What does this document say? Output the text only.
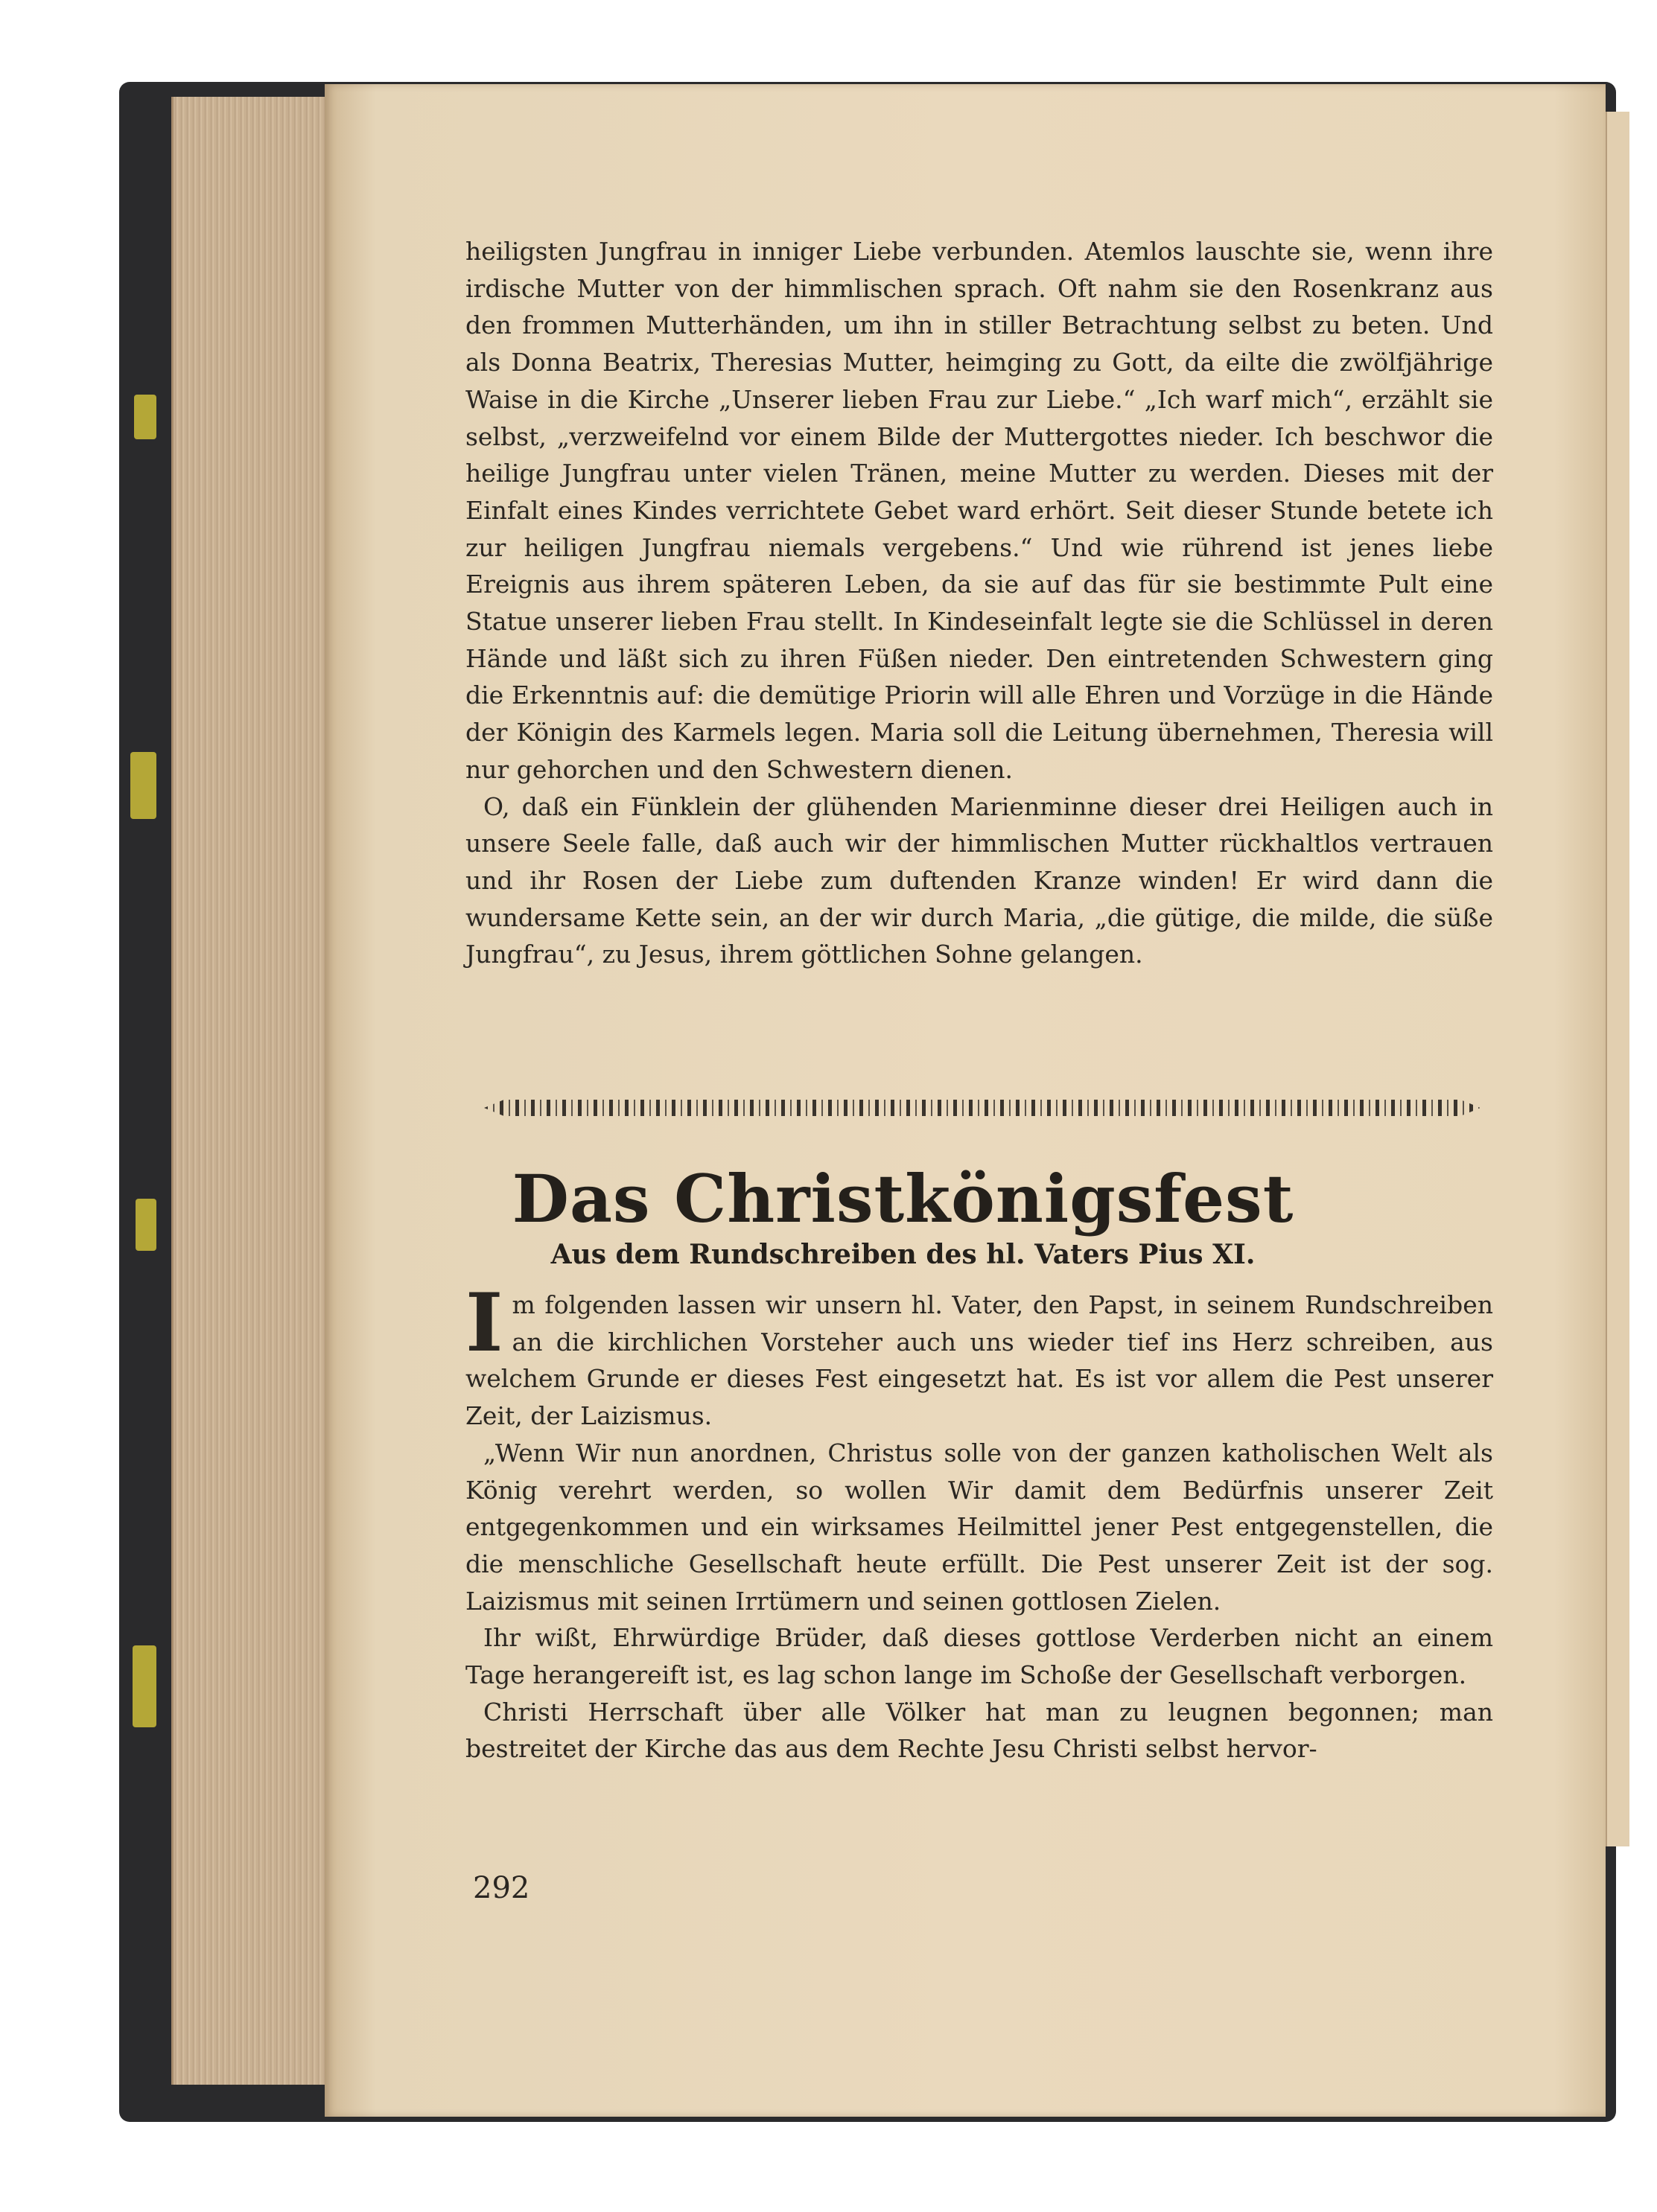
heiligsten Jungfrau in inniger Liebe verbunden. Atemlos lauschte sie, wenn ihre irdische Mutter von der himmlischen sprach. Oft nahm sie den Rosenkranz aus den frommen Mutterhänden, um ihn in stiller Betrachtung selbst zu beten. Und als Donna Beatrix, Theresias Mutter, heimging zu Gott, da eilte die zwölfjährige Waise in die Kirche „Unserer lieben Frau zur Liebe.“ „Ich warf mich“, erzählt sie selbst, „verzweifelnd vor einem Bilde der Muttergottes nieder. Ich beschwor die heilige Jungfrau unter vielen Tränen, meine Mutter zu werden. Dieses mit der Einfalt eines Kindes verrichtete Gebet ward erhört. Seit dieser Stunde betete ich zur heiligen Jungfrau niemals vergebens.“ Und wie rührend ist jenes liebe Ereignis aus ihrem späteren Leben, da sie auf das für sie bestimmte Pult eine Statue unserer lieben Frau stellt. In Kindeseinfalt legte sie die Schlüssel in deren Hände und läßt sich zu ihren Füßen nieder. Den eintretenden Schwestern ging die Erkenntnis auf: die demütige Priorin will alle Ehren und Vorzüge in die Hände der Königin des Karmels legen. Maria soll die Leitung übernehmen, Theresia will nur gehorchen und den Schwestern dienen.

O, daß ein Fünklein der glühenden Marienminne dieser drei Heiligen auch in unsere Seele falle, daß auch wir der himmlischen Mutter rückhaltlos vertrauen und ihr Rosen der Liebe zum duftenden Kranze winden! Er wird dann die wundersame Kette sein, an der wir durch Maria, „die gütige, die milde, die süße Jungfrau“, zu Jesus, ihrem göttlichen Sohne gelangen.

Das Christkönigsfest
Aus dem Rundschreiben des hl. Vaters Pius XI.

Im folgenden lassen wir unsern hl. Vater, den Papst, in seinem Rundschreiben an die kirchlichen Vorsteher auch uns wieder tief ins Herz schreiben, aus welchem Grunde er dieses Fest eingesetzt hat. Es ist vor allem die Pest unserer Zeit, der Laizismus.

„Wenn Wir nun anordnen, Christus solle von der ganzen katholischen Welt als König verehrt werden, so wollen Wir damit dem Bedürfnis unserer Zeit entgegenkommen und ein wirksames Heilmittel jener Pest entgegenstellen, die die menschliche Gesellschaft heute erfüllt. Die Pest unserer Zeit ist der sog. Laizismus mit seinen Irrtümern und seinen gottlosen Zielen.

Ihr wißt, Ehrwürdige Brüder, daß dieses gottlose Verderben nicht an einem Tage herangereift ist, es lag schon lange im Schoße der Gesellschaft verborgen.

Christi Herrschaft über alle Völker hat man zu leugnen begonnen; man bestreitet der Kirche das aus dem Rechte Jesu Christi selbst hervor-

292
